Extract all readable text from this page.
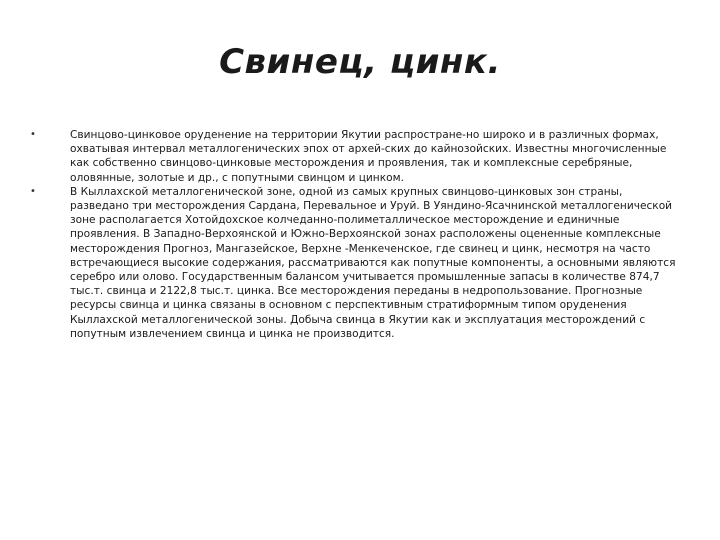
Свинец, цинк.
•	Свинцово-цинковое оруденение на территории Якутии распростране-но широко и в различных формах, охватывая интервал металлогенических эпох от архей-ских до кайнозойских. Известны многочисленные как собственно свинцово-цинковые месторождения и проявления, так и комплексные серебряные, оловянные, золотые и др., с попутными свинцом и цинком.
•	В Кыллахской металлогенической зоне, одной из самых крупных свинцово-цинковых зон страны, разведано три месторождения Сардана, Перевальное и Уруй. В Уяндино-Ясачнинской металлогенической зоне располагается Хотойдохское колчеданно-полиметаллическое месторождение и единичные проявления. В Западно-Верхоянской и Южно-Верхоянской зонах расположены оцененные комплексные месторождения Прогноз, Мангазейское, Верхне -Менкеченское, где свинец и цинк, несмотря на часто встречающиеся высокие содержания, рассматриваются как попутные компоненты, а основными являются серебро или олово. Государственным балансом учитывается промышленные запасы в количестве 874,7 тыс.т. свинца и 2122,8 тыс.т. цинка. Все месторождения переданы в недропользование. Прогнозные ресурсы свинца и цинка связаны в основном с перспективным стратиформным типом оруденения Кыллахской металлогенической зоны. Добыча свинца в Якутии как и эксплуатация месторождений с попутным извлечением свинца и цинка не производится.
